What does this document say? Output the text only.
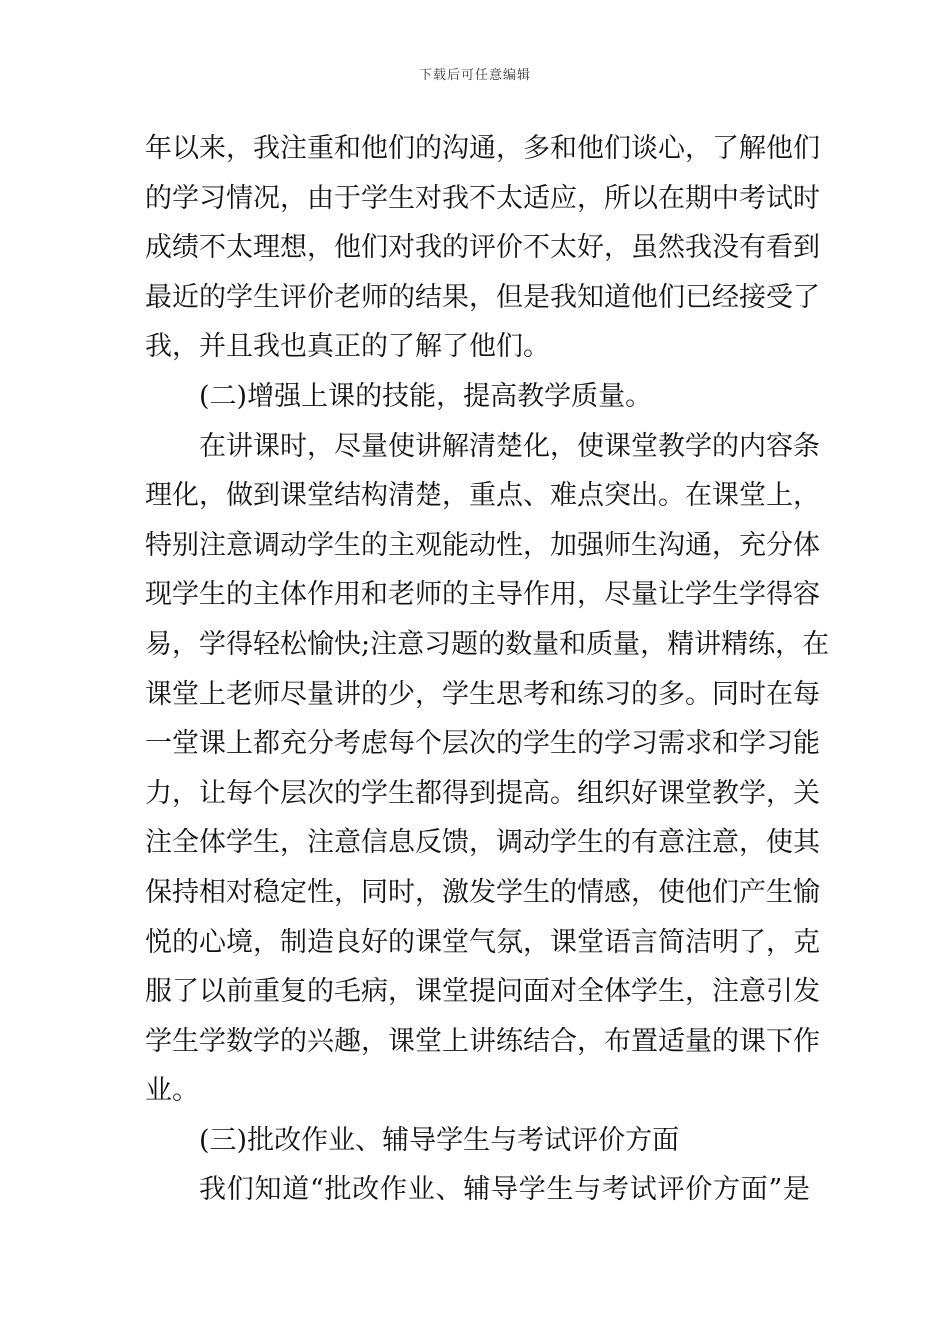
下载后可任意编辑
年以来，我注重和他们的沟通，多和他们谈心，了解他们
的学习情况，由于学生对我不太适应，所以在期中考试时
成绩不太理想，他们对我的评价不太好，虽然我没有看到
最近的学生评价老师的结果，但是我知道他们已经接受了
我，并且我也真正的了解了他们。
(二)增强上课的技能，提高教学质量。
在讲课时，尽量使讲解清楚化，使课堂教学的内容条
理化，做到课堂结构清楚，重点、难点突出。在课堂上，
特别注意调动学生的主观能动性，加强师生沟通，充分体
现学生的主体作用和老师的主导作用，尽量让学生学得容
易，学得轻松愉快;注意习题的数量和质量，精讲精练，在
课堂上老师尽量讲的少，学生思考和练习的多。同时在每
一堂课上都充分考虑每个层次的学生的学习需求和学习能
力，让每个层次的学生都得到提高。组织好课堂教学，关
注全体学生，注意信息反馈，调动学生的有意注意，使其
保持相对稳定性，同时，激发学生的情感，使他们产生愉
悦的心境，制造良好的课堂气氛，课堂语言简洁明了，克
服了以前重复的毛病，课堂提问面对全体学生，注意引发
学生学数学的兴趣，课堂上讲练结合，布置适量的课下作
业。
(三)批改作业、辅导学生与考试评价方面
我们知道“批改作业、辅导学生与考试评价方面”是
